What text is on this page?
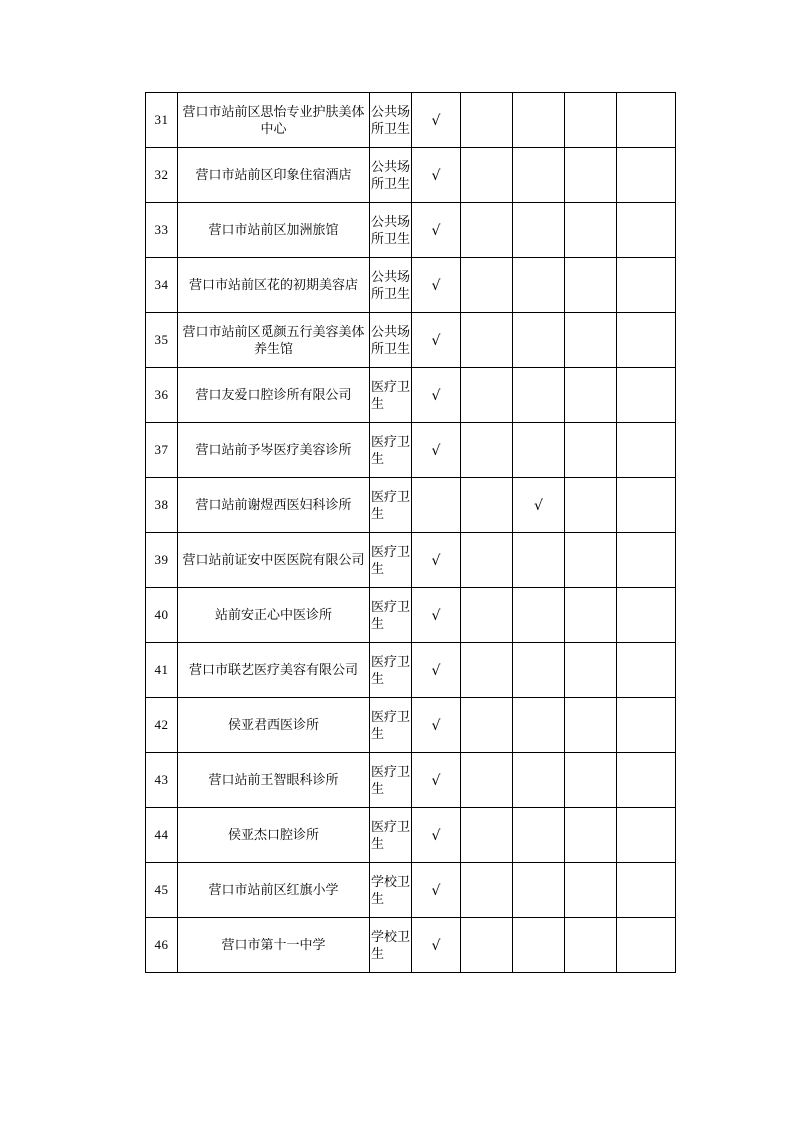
31	营口市站前区思怡专业护肤美体中心	公共场所卫生	√				
32	营口市站前区印象住宿酒店	公共场所卫生	√				
33	营口市站前区加洲旅馆	公共场所卫生	√				
34	营口市站前区花的初期美容店	公共场所卫生	√				
35	营口市站前区觅颜五行美容美体养生馆	公共场所卫生	√				
36	营口友爱口腔诊所有限公司	医疗卫生	√				
37	营口站前予岑医疗美容诊所	医疗卫生	√				
38	营口站前谢煜西医妇科诊所	医疗卫生			√		
39	营口站前证安中医医院有限公司	医疗卫生	√				
40	站前安正心中医诊所	医疗卫生	√				
41	营口市联艺医疗美容有限公司	医疗卫生	√				
42	侯亚君西医诊所	医疗卫生	√				
43	营口站前王智眼科诊所	医疗卫生	√				
44	侯亚杰口腔诊所	医疗卫生	√				
45	营口市站前区红旗小学	学校卫生	√				
46	营口市第十一中学	学校卫生	√				
